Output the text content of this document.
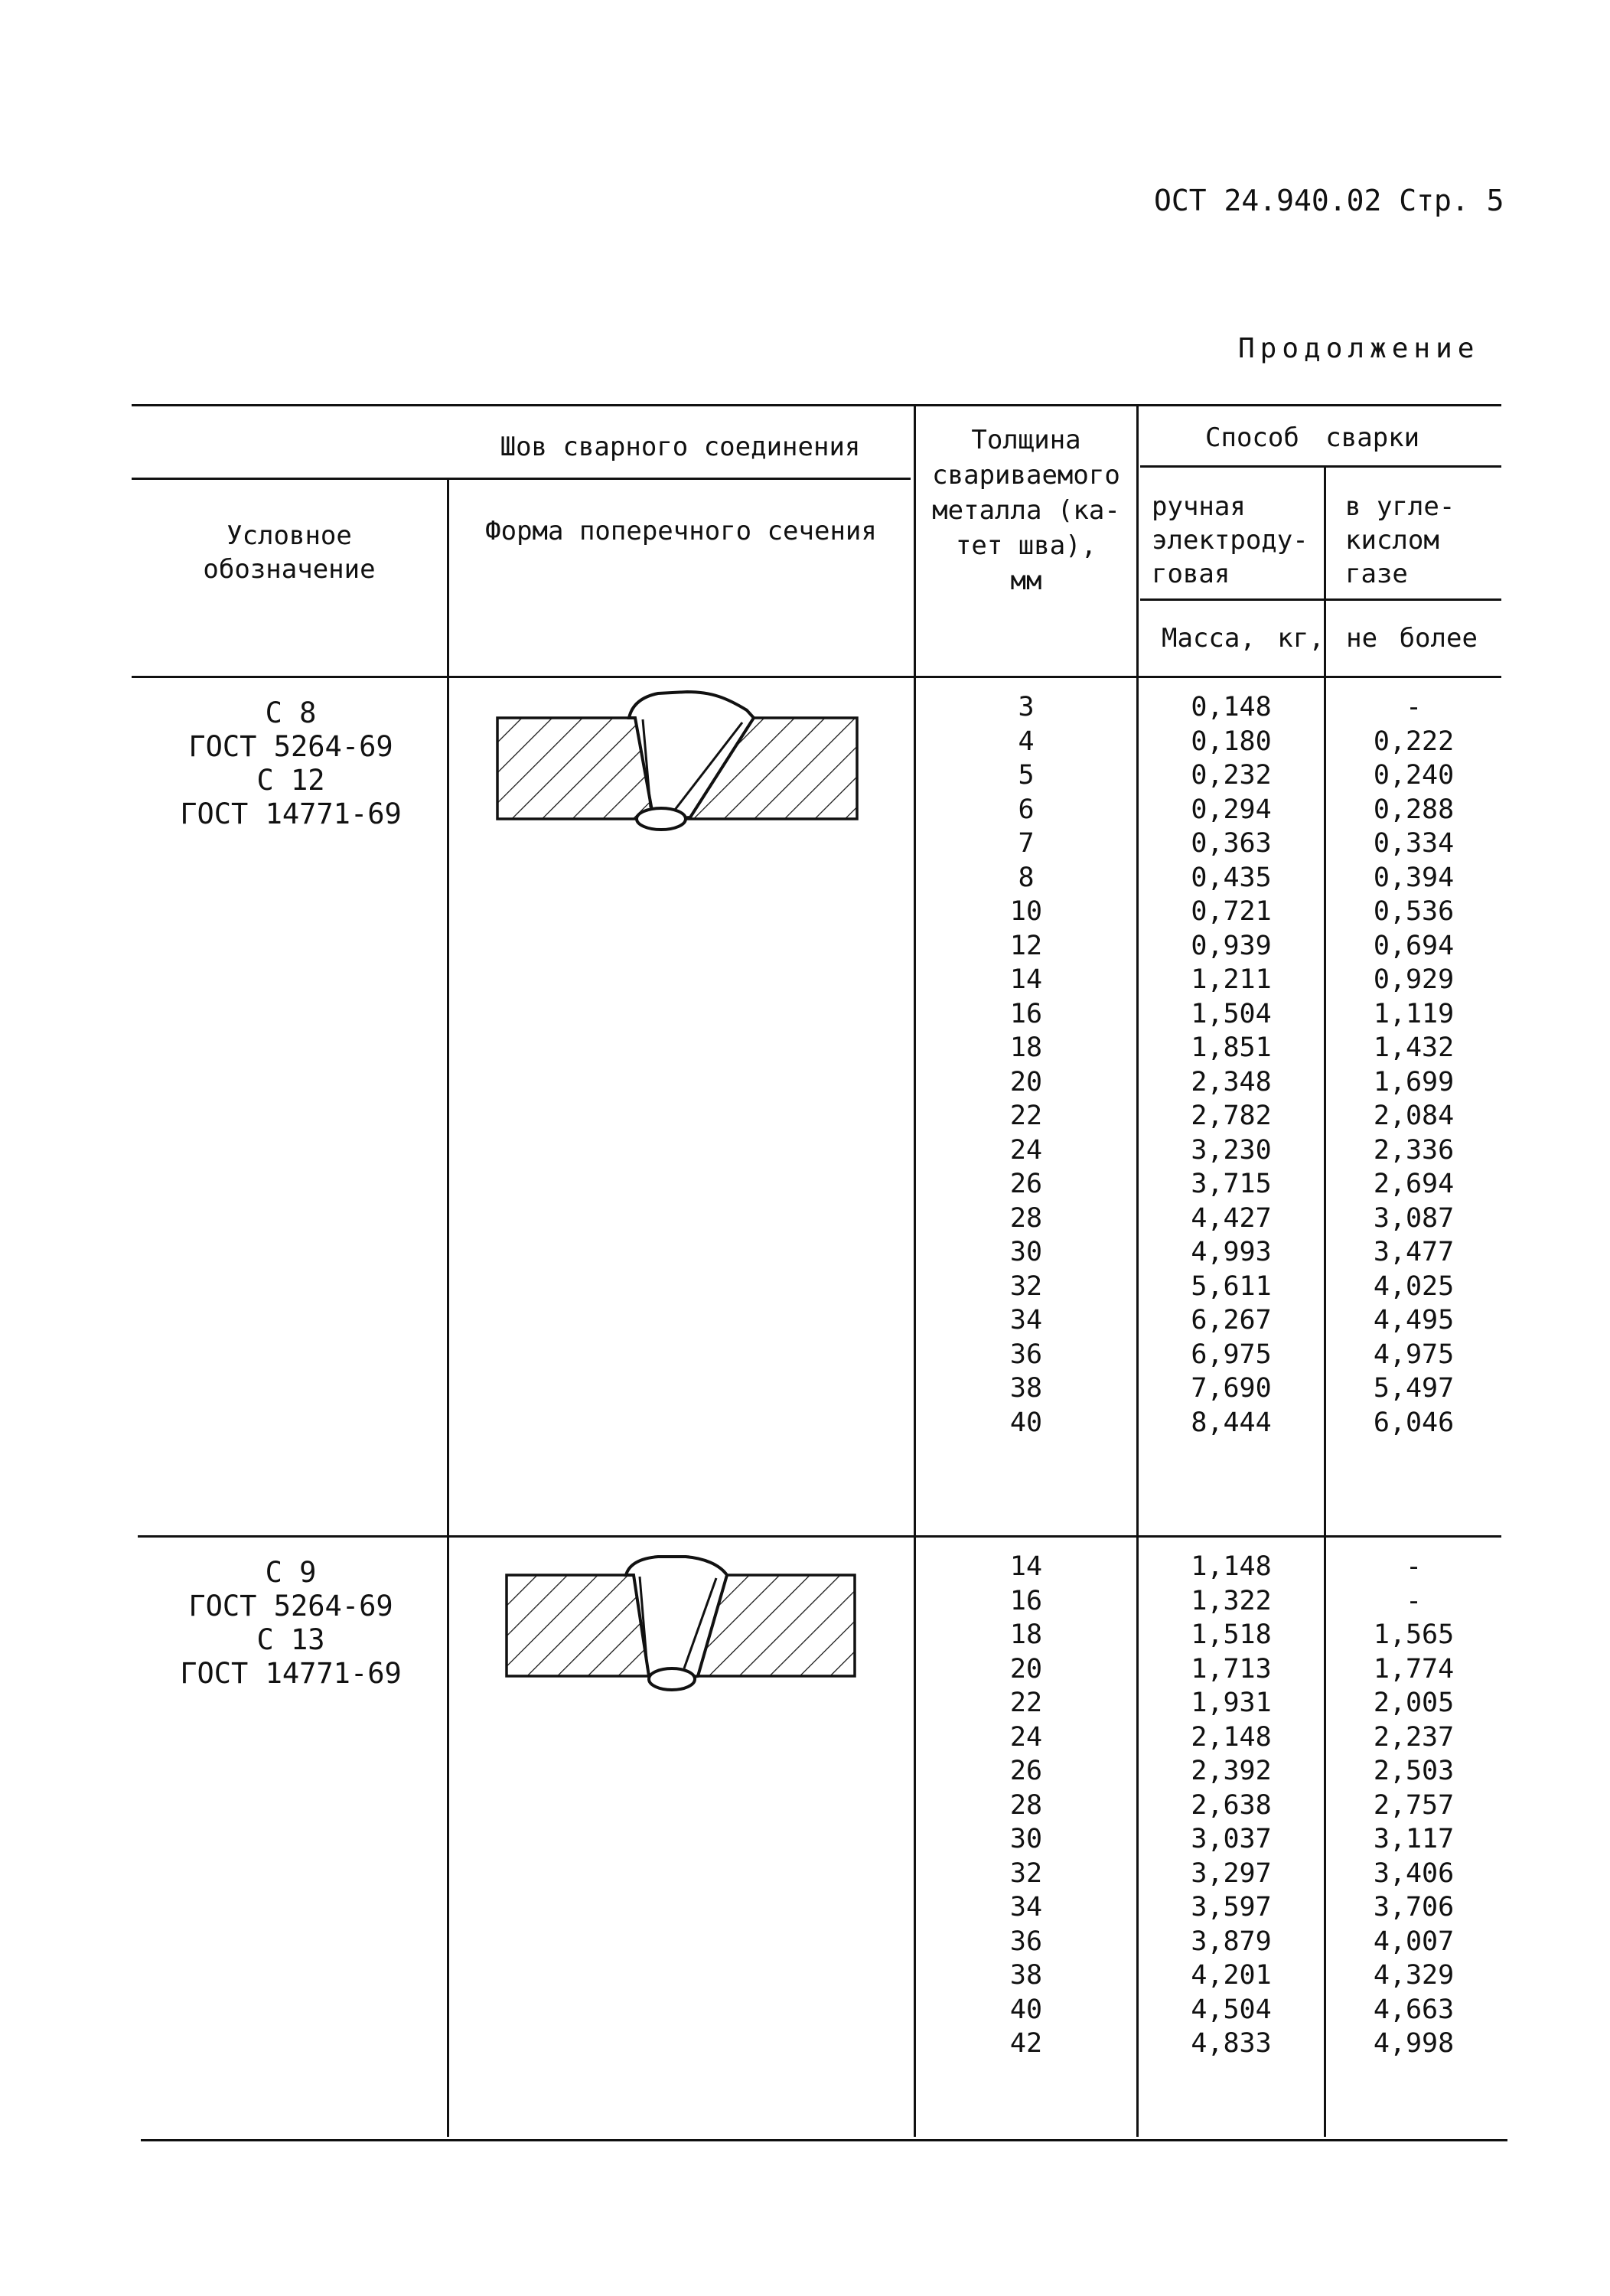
ОСТ 24.940.02 Стр. 5
Продолжение
Шов сварного соединения
Условное
обозначение
Форма поперечного сечения
Толщина
свариваемого
металла (ка-
тет шва),
мм
Способ сварки
ручная
электроду-
говая
в угле-
кислом
газе
Масса, кг, не более
С 8
ГОСТ 5264-69
С 12
ГОСТ 14771-69
3
4
5
6
7
8
10
12
14
16
18
20
22
24
26
28
30
32
34
36
38
40
0,148
0,180
0,232
0,294
0,363
0,435
0,721
0,939
1,211
1,504
1,851
2,348
2,782
3,230
3,715
4,427
4,993
5,611
6,267
6,975
7,690
8,444
-
0,222
0,240
0,288
0,334
0,394
0,536
0,694
0,929
1,119
1,432
1,699
2,084
2,336
2,694
3,087
3,477
4,025
4,495
4,975
5,497
6,046
С 9
ГОСТ 5264-69
С 13
ГОСТ 14771-69
14
16
18
20
22
24
26
28
30
32
34
36
38
40
42
1,148
1,322
1,518
1,713
1,931
2,148
2,392
2,638
3,037
3,297
3,597
3,879
4,201
4,504
4,833
-
-
1,565
1,774
2,005
2,237
2,503
2,757
3,117
3,406
3,706
4,007
4,329
4,663
4,998
